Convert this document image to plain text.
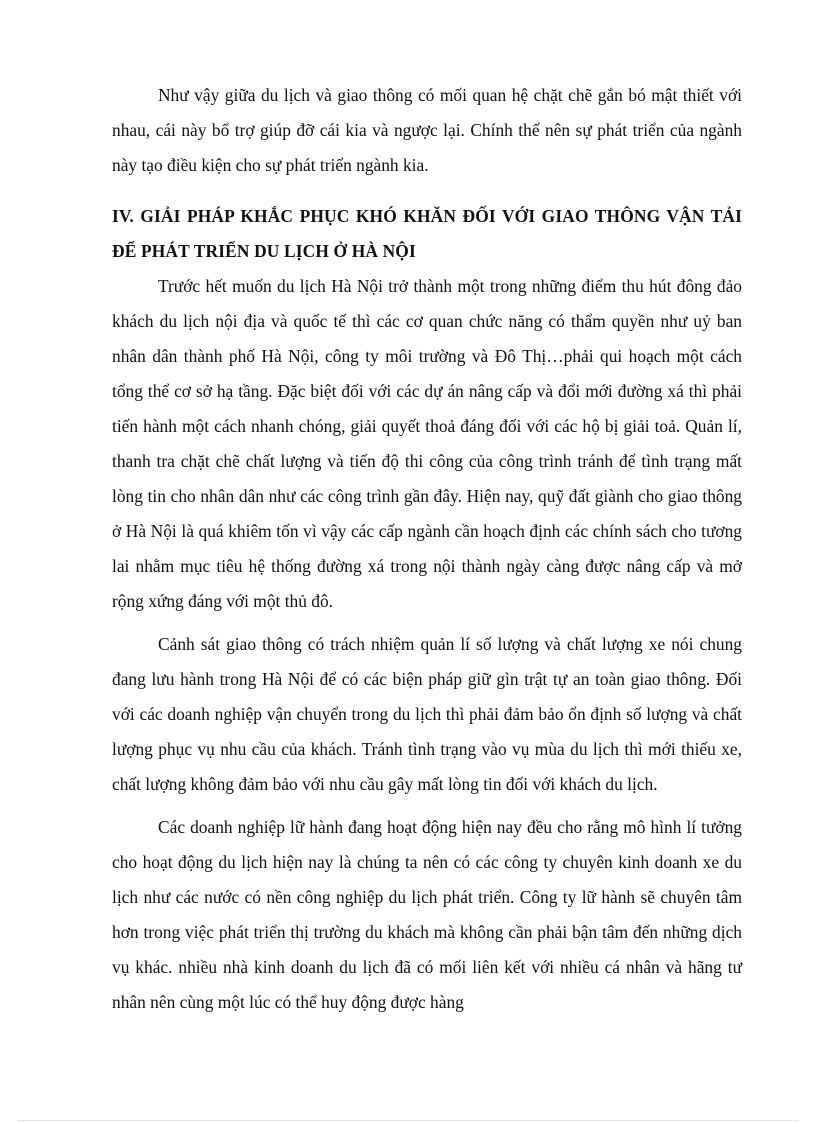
Như vậy giữa du lịch và giao thông có mối quan hệ chặt chẽ gắn bó mật thiết với nhau, cái này bổ trợ giúp đỡ cái kia và ngược lại. Chính thế nên sự phát triển của ngành này tạo điều kiện cho sự phát triển ngành kia.

IV. GIẢI PHÁP KHẮC PHỤC KHÓ KHĂN ĐỐI VỚI GIAO THÔNG VẬN TẢI ĐỂ PHÁT TRIỂN DU LỊCH Ở HÀ NỘI

Trước hết muốn du lịch Hà Nội trở thành một trong những điểm thu hút đông đảo khách du lịch nội địa và quốc tế thì các cơ quan chức năng có thẩm quyền như uỷ ban nhân dân thành phố Hà Nội, công ty môi trường và Đô Thị…phải qui hoạch một cách tổng thể cơ sở hạ tầng. Đặc biệt đối với các dự án nâng cấp và đổi mới đường xá thì phải tiến hành một cách nhanh chóng, giải quyết thoả đáng đối với các hộ bị giải toả. Quản lí, thanh tra chặt chẽ chất lượng và tiến độ thi công của công trình tránh để tình trạng mất lòng tin cho nhân dân như các công trình gần đây. Hiện nay, quỹ đất giành cho giao thông ở Hà Nội là quá khiêm tốn vì vậy các cấp ngành cần hoạch định các chính sách cho tương lai nhằm mục tiêu hệ thống đường xá trong nội thành ngày càng được nâng cấp và mở rộng xứng đáng với một thủ đô.

Cảnh sát giao thông có trách nhiệm quản lí số lượng và chất lượng xe nói chung đang lưu hành trong Hà Nội để có các biện pháp giữ gìn trật tự an toàn giao thông. Đối với các doanh nghiệp vận chuyển trong du lịch thì phải đảm bảo ổn định số lượng và chất lượng phục vụ nhu cầu của khách. Tránh tình trạng vào vụ mùa du lịch thì mới thiếu xe, chất lượng không đảm bảo với nhu cầu gây mất lòng tin đối với khách du lịch.

Các doanh nghiệp lữ hành đang hoạt động hiện nay đều cho rằng mô hình lí tưởng cho hoạt động du lịch hiện nay là chúng ta nên có các công ty chuyên kinh doanh xe du lịch như các nước có nền công nghiệp du lịch phát triển. Công ty lữ hành sẽ chuyên tâm hơn trong việc phát triển thị trường du khách mà không cần phải bận tâm đến những dịch vụ khác. nhiều nhà kinh doanh du lịch đã có mối liên kết với nhiều cá nhân và hãng tư nhân nên cùng một lúc có thể huy động được hàng
